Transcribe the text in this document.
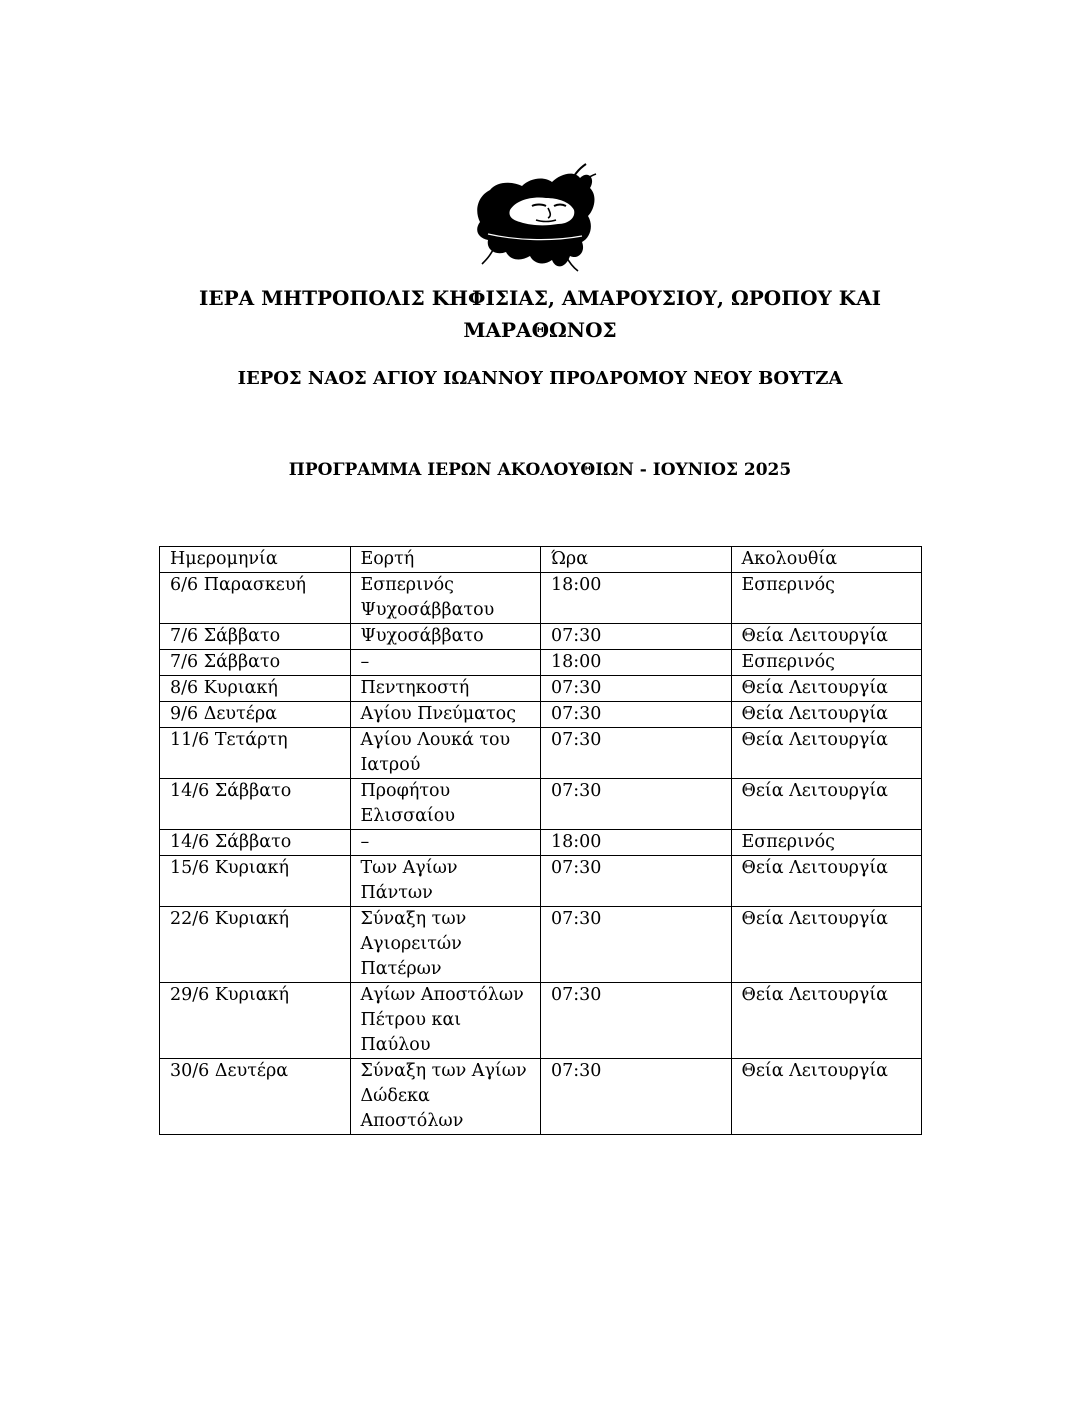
ΙΕΡΑ ΜΗΤΡΟΠΟΛΙΣ ΚΗΦΙΣΙΑΣ, ΑΜΑΡΟΥΣΙΟΥ, ΩΡΟΠΟΥ ΚΑΙ ΜΑΡΑΘΩΝΟΣ
ΙΕΡΟΣ ΝΑΟΣ ΑΓΙΟΥ ΙΩΑΝΝΟΥ ΠΡΟΔΡΟΜΟΥ ΝΕΟΥ ΒΟΥΤΖΑ
ΠΡΟΓΡΑΜΜΑ ΙΕΡΩΝ ΑΚΟΛΟΥΘΙΩΝ - ΙΟΥΝΙΟΣ 2025
Ημερομηνία	Εορτή	Ώρα	Ακολουθία
6/6 Παρασκευή	Εσπερινός Ψυχοσάββατου	18:00	Εσπερινός
7/6 Σάββατο	Ψυχοσάββατο	07:30	Θεία Λειτουργία
7/6 Σάββατο	–	18:00	Εσπερινός
8/6 Κυριακή	Πεντηκοστή	07:30	Θεία Λειτουργία
9/6 Δευτέρα	Αγίου Πνεύματος	07:30	Θεία Λειτουργία
11/6 Τετάρτη	Αγίου Λουκά του Ιατρού	07:30	Θεία Λειτουργία
14/6 Σάββατο	Προφήτου Ελισσαίου	07:30	Θεία Λειτουργία
14/6 Σάββατο	–	18:00	Εσπερινός
15/6 Κυριακή	Των Αγίων Πάντων	07:30	Θεία Λειτουργία
22/6 Κυριακή	Σύναξη των Αγιορειτών Πατέρων	07:30	Θεία Λειτουργία
29/6 Κυριακή	Αγίων Αποστόλων Πέτρου και Παύλου	07:30	Θεία Λειτουργία
30/6 Δευτέρα	Σύναξη των Αγίων Δώδεκα Αποστόλων	07:30	Θεία Λειτουργία
